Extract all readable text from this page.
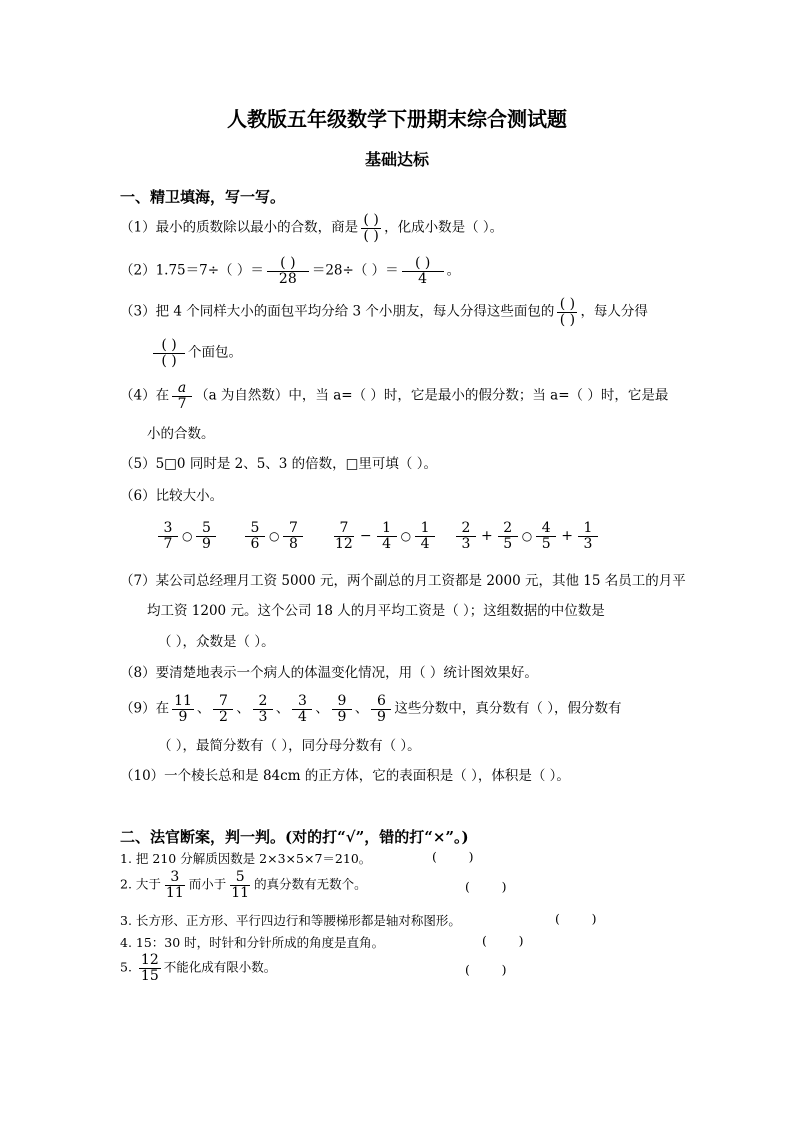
人教版五年级数学下册期末综合测试题
基础达标
一、精卫填海，写一写。
（1）最小的质数除以最小的合数，商是 $\frac{( )}{( )}$ ，化成小数是（ ）。
（2）1.75＝7÷（ ）＝ $\frac{( )}{28} =28\div$（ ）＝ $\frac{( )}{4}$ 。
（3）把 4 个同样大小的面包平均分给 3 个小朋友，每人分得这些面包的 $\frac{( )}{( )}$ ，每人分得
$\frac{( )}{( )}$ 个面包。
（4）在 $\frac{a}{7} (a$ 为自然数）中，当 a=（ ）时，它是最小的假分数；当 a=（ ）时，它是最
小的合数。
（5）5□0 同时是 2、5、3 的倍数，□里可填（ ）。
（6）比较大小。
$\frac{3}{7}$ ○ $\frac{5}{9} \frac{5}{6}$ ○ $\frac{7}{8} \frac{7}{12} - \frac{1}{4}$ ○ $\frac{1}{4} \frac{2}{3} + \frac{2}{5}$ ○ $\frac{4}{5} + \frac{1}{3}$
（7）某公司总经理月工资 5000 元，两个副总的月工资都是 2000 元，其他 15 名员工的月平
均工资 1200 元。这个公司 18 人的月平均工资是（ ）；这组数据的中位数是
（ ），众数是（ ）。
（8）要清楚地表示一个病人的体温变化情况，用（ ）统计图效果好。
（9）在 $\frac{11}{9}$ 、 $\frac{7}{2}$ 、 $\frac{2}{3}$ 、 $\frac{3}{4}$ 、 $\frac{9}{9}$ 、 $\frac{6}{9}$ 这些分数中，真分数有（ ），假分数有
（ ），最简分数有（ ），同分母分数有（ ）。
（10）一个棱长总和是 84cm 的正方体，它的表面积是（ ），体积是（ ）。
二、法官断案，判一判。(对的打“√”，错的打“×”。)
1. 把 210 分解质因数是 2×3×5×7＝210。	(        )
2. 大于 $\frac{3}{11}$ 而小于 $\frac{5}{11}$ 的真分数有无数个。	(        )
3. 长方形、正方形、平行四边行和等腰梯形都是轴对称图形。	(        )
4. 15：30 时，时针和分针所成的角度是直角。	(        )
5. $\frac{12}{15}$ 不能化成有限小数。	(        )
